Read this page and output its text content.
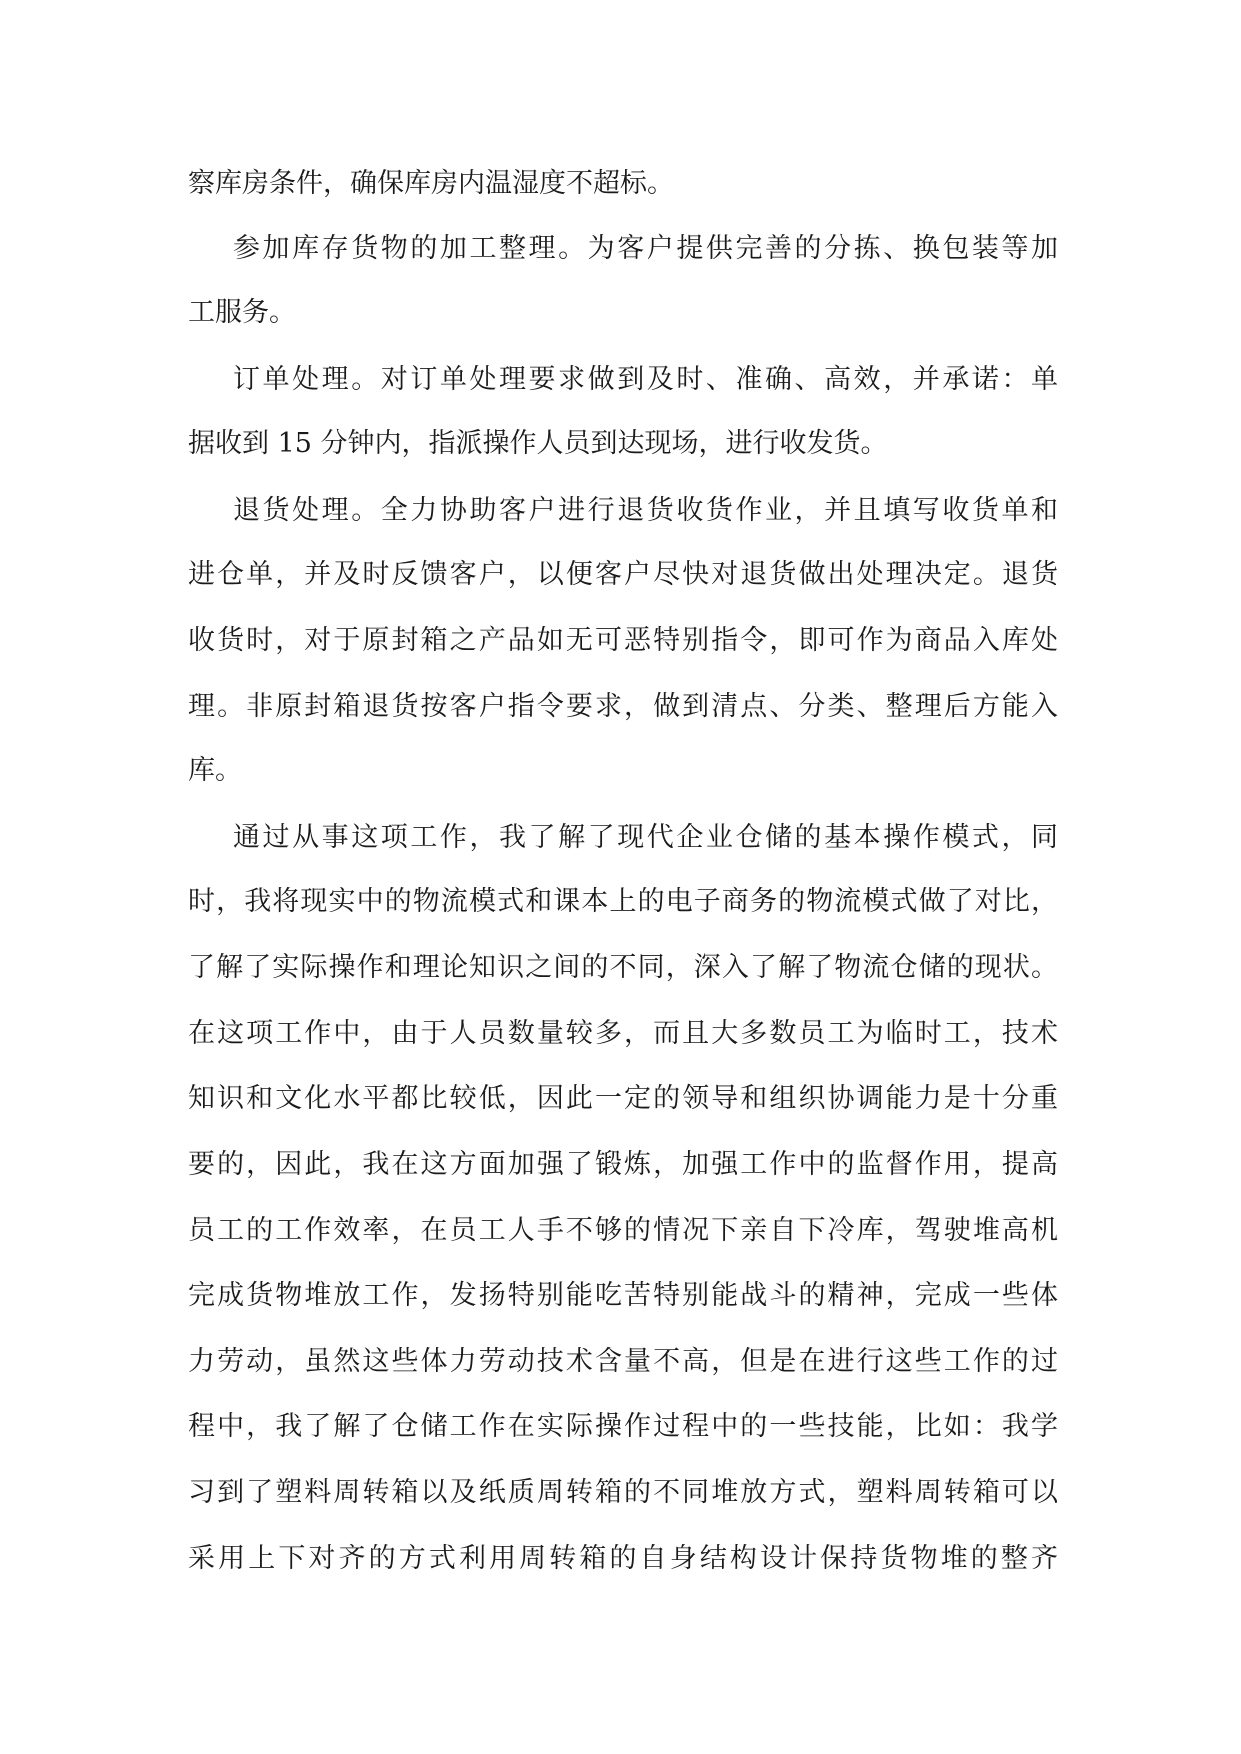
察库房条件，确保库房内温湿度不超标。

参加库存货物的加工整理。为客户提供完善的分拣、换包装等加

工服务。

订单处理。对订单处理要求做到及时、准确、高效，并承诺：单

据收到 15 分钟内，指派操作人员到达现场，进行收发货。

退货处理。全力协助客户进行退货收货作业，并且填写收货单和

进仓单，并及时反馈客户，以便客户尽快对退货做出处理决定。退货

收货时，对于原封箱之产品如无可恶特别指令，即可作为商品入库处

理。非原封箱退货按客户指令要求，做到清点、分类、整理后方能入

库。

通过从事这项工作，我了解了现代企业仓储的基本操作模式，同

时，我将现实中的物流模式和课本上的电子商务的物流模式做了对比，

了解了实际操作和理论知识之间的不同，深入了解了物流仓储的现状。

在这项工作中，由于人员数量较多，而且大多数员工为临时工，技术

知识和文化水平都比较低，因此一定的领导和组织协调能力是十分重

要的，因此，我在这方面加强了锻炼，加强工作中的监督作用，提高

员工的工作效率，在员工人手不够的情况下亲自下冷库，驾驶堆高机

完成货物堆放工作，发扬特别能吃苦特别能战斗的精神，完成一些体

力劳动，虽然这些体力劳动技术含量不高，但是在进行这些工作的过

程中，我了解了仓储工作在实际操作过程中的一些技能，比如：我学

习到了塑料周转箱以及纸质周转箱的不同堆放方式，塑料周转箱可以

采用上下对齐的方式利用周转箱的自身结构设计保持货物堆的整齐
